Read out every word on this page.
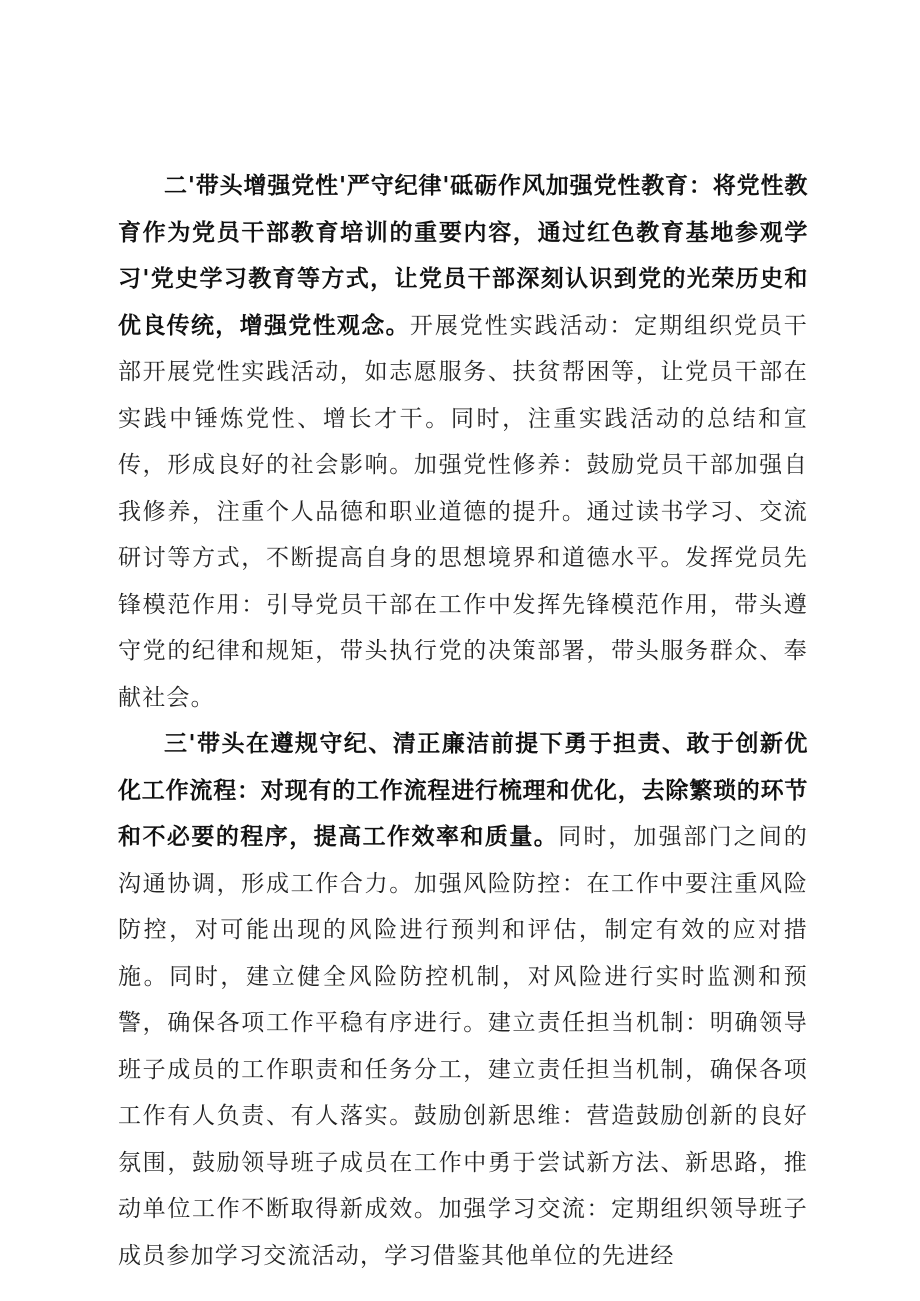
二'带头增强党性'严守纪律'砥砺作风加强党性教育：将党性教育作为党员干部教育培训的重要内容，通过红色教育基地参观学习'党史学习教育等方式，让党员干部深刻认识到党的光荣历史和优良传统，增强党性观念。开展党性实践活动：定期组织党员干部开展党性实践活动，如志愿服务、扶贫帮困等，让党员干部在实践中锤炼党性、增长才干。同时，注重实践活动的总结和宣传，形成良好的社会影响。加强党性修养：鼓励党员干部加强自我修养，注重个人品德和职业道德的提升。通过读书学习、交流研讨等方式，不断提高自身的思想境界和道德水平。发挥党员先锋模范作用：引导党员干部在工作中发挥先锋模范作用，带头遵守党的纪律和规矩，带头执行党的决策部署，带头服务群众、奉献社会。

三'带头在遵规守纪、清正廉洁前提下勇于担责、敢于创新优化工作流程：对现有的工作流程进行梳理和优化，去除繁琐的环节和不必要的程序，提高工作效率和质量。同时，加强部门之间的沟通协调，形成工作合力。加强风险防控：在工作中要注重风险防控，对可能出现的风险进行预判和评估，制定有效的应对措施。同时，建立健全风险防控机制，对风险进行实时监测和预警，确保各项工作平稳有序进行。建立责任担当机制：明确领导班子成员的工作职责和任务分工，建立责任担当机制，确保各项工作有人负责、有人落实。鼓励创新思维：营造鼓励创新的良好氛围，鼓励领导班子成员在工作中勇于尝试新方法、新思路，推动单位工作不断取得新成效。加强学习交流：定期组织领导班子成员参加学习交流活动，学习借鉴其他单位的先进经
